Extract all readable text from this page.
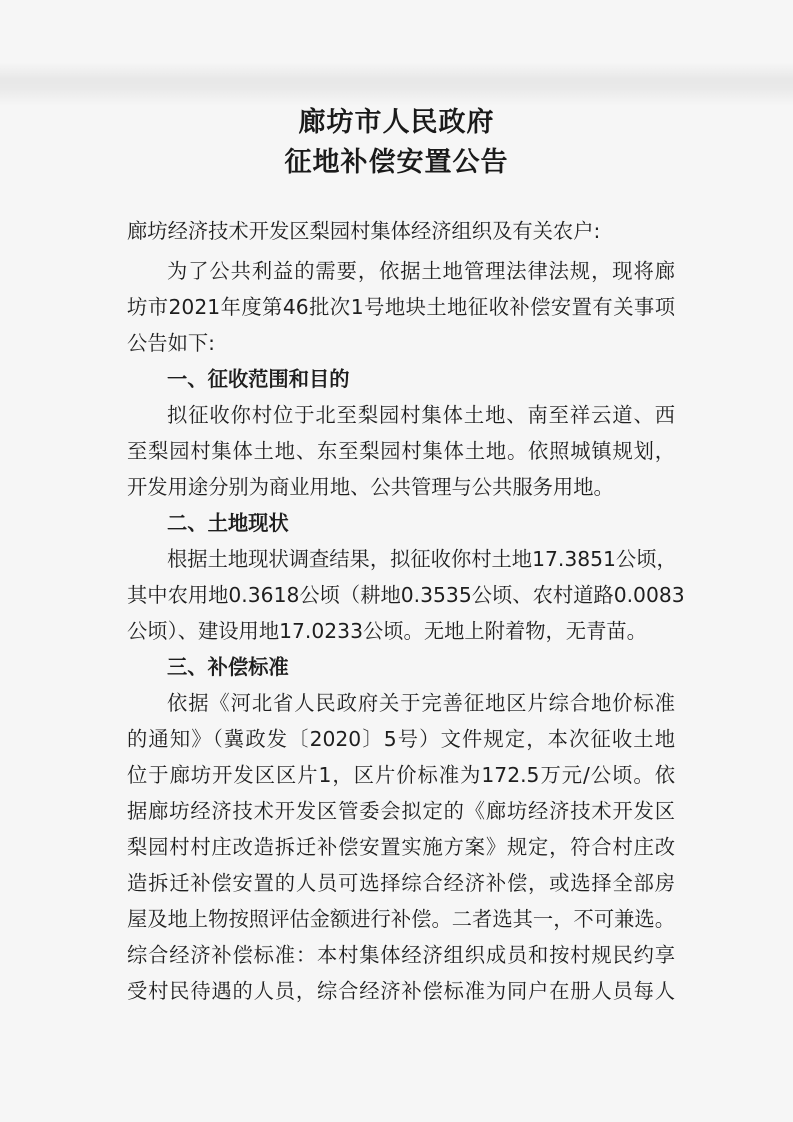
廊坊市人民政府
征地补偿安置公告
廊坊经济技术开发区梨园村集体经济组织及有关农户:
为了公共利益的需要，依据土地管理法律法规，现将廊
坊市2021年度第46批次1号地块土地征收补偿安置有关事项
公告如下:
一、征收范围和目的
拟征收你村位于北至梨园村集体土地、南至祥云道、西
至梨园村集体土地、东至梨园村集体土地。依照城镇规划，
开发用途分别为商业用地、公共管理与公共服务用地。
二、土地现状
根据土地现状调查结果，拟征收你村土地17.3851公顷，
其中农用地0.3618公顷（耕地0.3535公顷、农村道路0.0083
公顷）、建设用地17.0233公顷。无地上附着物，无青苗。
三、补偿标准
依据《河北省人民政府关于完善征地区片综合地价标准
的通知》（冀政发〔2020〕5号）文件规定，本次征收土地
位于廊坊开发区区片1，区片价标准为172.5万元/公顷。依
据廊坊经济技术开发区管委会拟定的《廊坊经济技术开发区
梨园村村庄改造拆迁补偿安置实施方案》规定，符合村庄改
造拆迁补偿安置的人员可选择综合经济补偿，或选择全部房
屋及地上物按照评估金额进行补偿。二者选其一，不可兼选。
综合经济补偿标准：本村集体经济组织成员和按村规民约享
受村民待遇的人员，综合经济补偿标准为同户在册人员每人
